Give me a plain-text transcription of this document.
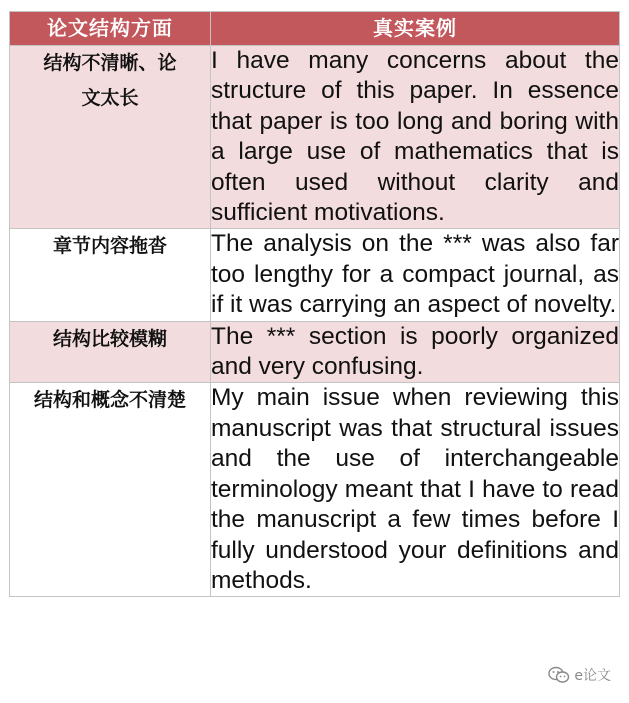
论文结构方面	真实案例
结构不清晰、论文太长	I have many concerns about the structure of this paper. In essence that paper is too long and boring with a large use of mathematics that is often used without clarity and sufficient motivations.
章节内容拖沓	The analysis on the *** was also far too lengthy for a compact journal, as if it was carrying an aspect of novelty.
结构比较模糊	The *** section is poorly organized and very confusing.
结构和概念不清楚	My main issue when reviewing this manuscript was that structural issues and the use of interchangeable terminology meant that I have to read the manuscript a few times before I fully understood your definitions and methods.
e论文
